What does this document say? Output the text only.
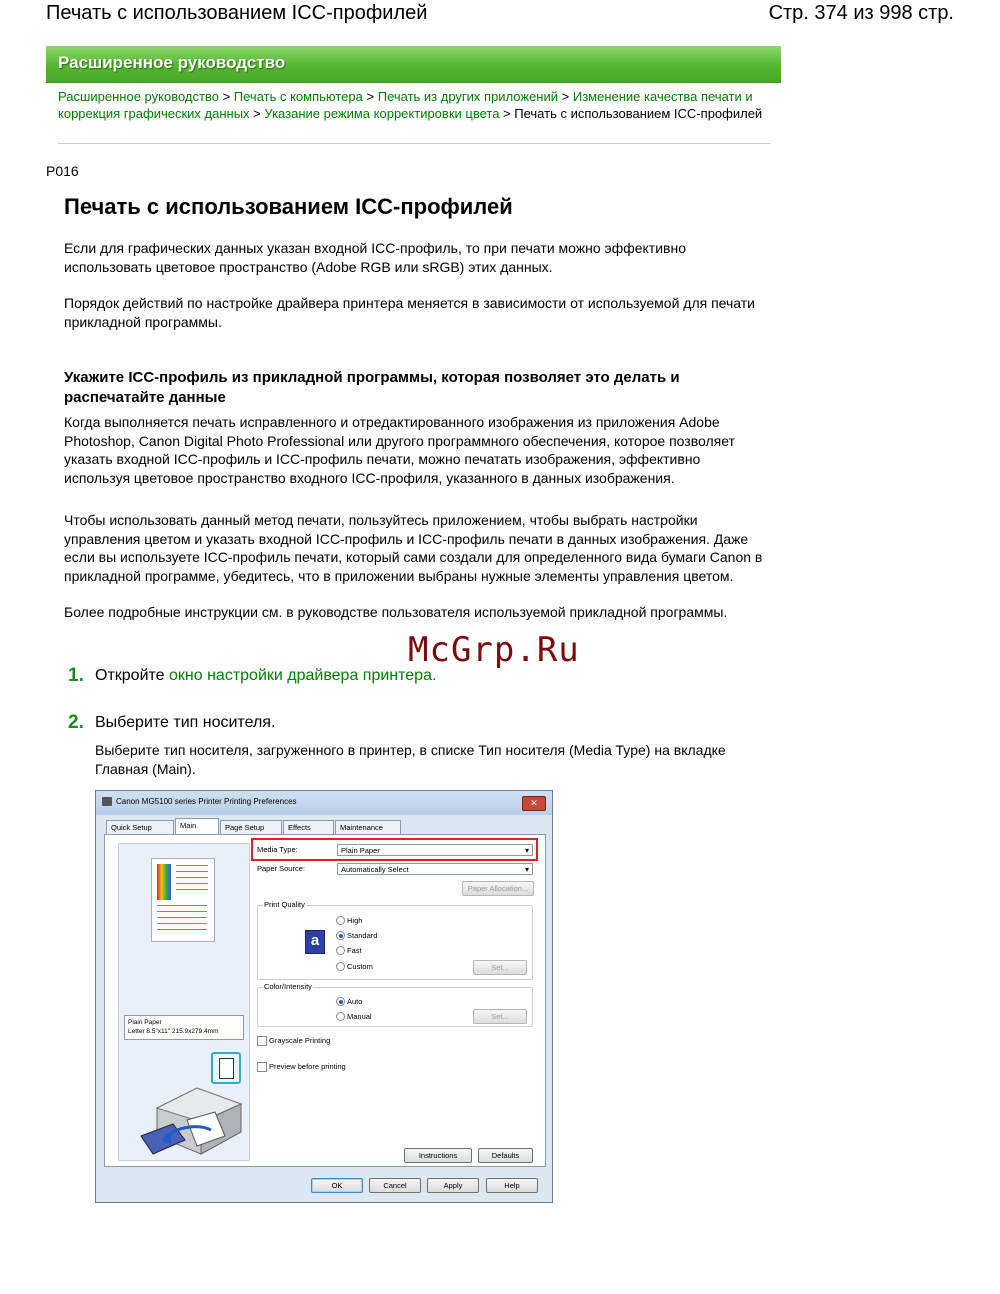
Печать с использованием ICC-профилей	Стр. 374 из 998 стр.
Расширенное руководство
Расширенное руководство > Печать с компьютера > Печать из других приложений > Изменение качества печати и коррекция графических данных > Указание режима корректировки цвета > Печать с использованием ICC-профилей
P016
Печать с использованием ICC-профилей
Если для графических данных указан входной ICC-профиль, то при печати можно эффективно использовать цветовое пространство (Adobe RGB или sRGB) этих данных.
Порядок действий по настройке драйвера принтера меняется в зависимости от используемой для печати прикладной программы.
Укажите ICC-профиль из прикладной программы, которая позволяет это делать и распечатайте данные
Когда выполняется печать исправленного и отредактированного изображения из приложения Adobe Photoshop, Canon Digital Photo Professional или другого программного обеспечения, которое позволяет указать входной ICC-профиль и ICC-профиль печати, можно печатать изображения, эффективно используя цветовое пространство входного ICC-профиля, указанного в данных изображения.
Чтобы использовать данный метод печати, пользуйтесь приложением, чтобы выбрать настройки управления цветом и указать входной ICC-профиль и ICC-профиль печати в данных изображения. Даже если вы используете ICC-профиль печати, который сами создали для определенного вида бумаги Canon в прикладной программе, убедитесь, что в приложении выбраны нужные элементы управления цветом.
Более подробные инструкции см. в руководстве пользователя используемой прикладной программы.
McGrp.Ru
1. Откройте окно настройки драйвера принтера.
2. Выберите тип носителя.
Выберите тип носителя, загруженного в принтер, в списке Тип носителя (Media Type) на вкладке Главная (Main).
Canon MG5100 series Printer Printing Preferences	✕
Quick Setup	Main	Page Setup	Effects	Maintenance
Plain Paper
Letter 8.5"x11" 215.9x279.4mm
Media Type:	Plain Paper ▾
Paper Source:	Automatically Select ▾
Paper Allocation...
Print Quality
a
High
Standard
Fast
Custom	Set...
Color/Intensity
Auto
Manual	Set...
Grayscale Printing
Preview before printing
Instructions	Defaults
OK	Cancel	Apply	Help
